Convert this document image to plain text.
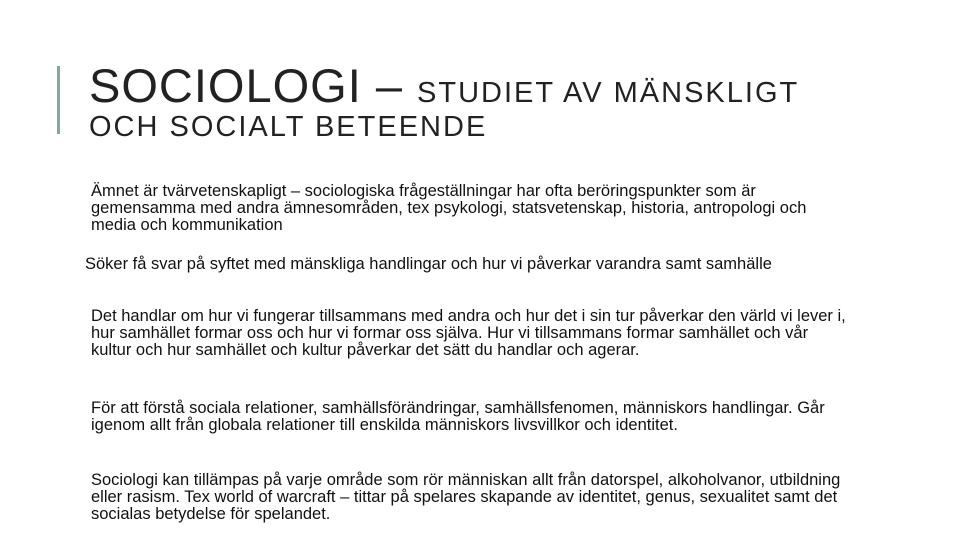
SOCIOLOGI – STUDIET AV MÄNSKLIGT
OCH SOCIALT BETEENDE

Ämnet är tvärvetenskapligt – sociologiska frågeställningar har ofta beröringspunkter som är gemensamma med andra ämnesområden, tex psykologi, statsvetenskap, historia, antropologi och media och kommunikation

Söker få svar på syftet med mänskliga handlingar och hur vi påverkar varandra samt samhälle

Det handlar om hur vi fungerar tillsammans med andra och hur det i sin tur påverkar den värld vi lever i, hur samhället formar oss och hur vi formar oss själva. Hur vi tillsammans formar samhället och vår kultur och hur samhället och kultur påverkar det sätt du handlar och agerar.

För att förstå sociala relationer, samhällsförändringar, samhällsfenomen, människors handlingar. Går igenom allt från globala relationer till enskilda människors livsvillkor och identitet.

Sociologi kan tillämpas på varje område som rör människan allt från datorspel, alkoholvanor, utbildning eller rasism. Tex world of warcraft – tittar på spelares skapande av identitet, genus, sexualitet samt det socialas betydelse för spelandet.
